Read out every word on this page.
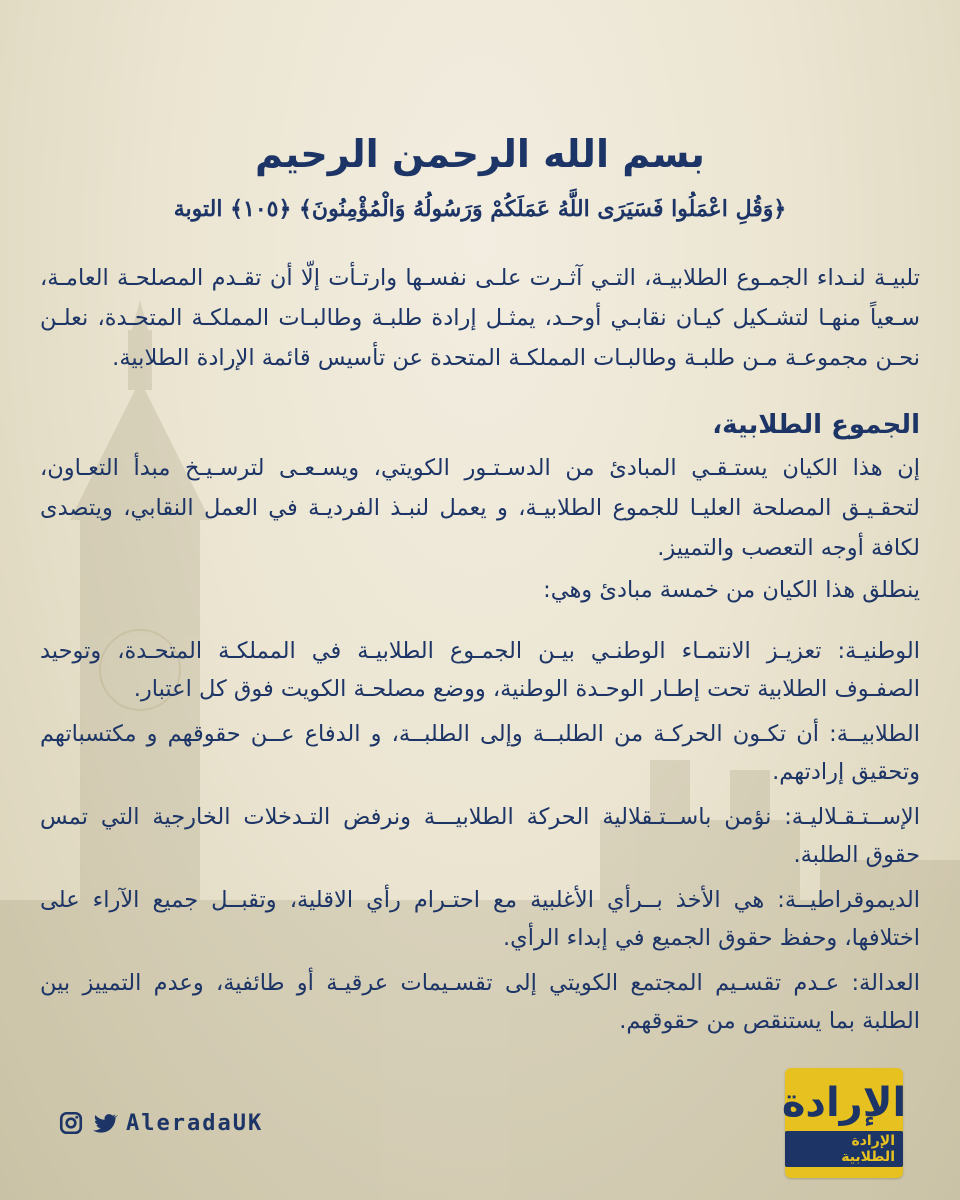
بسم الله الرحمن الرحيم
﴿وَقُلِ اعْمَلُوا فَسَيَرَى اللَّهُ عَمَلَكُمْ وَرَسُولُهُ وَالْمُؤْمِنُونَ﴾ ﴿١٠٥﴾ التوبة
تلبيـة لنـداء الجمـوع الطلابيـة، التـي آثـرت علـى نفسـها وارتـأت إلّا أن تقـدم المصلحـة العامـة، سـعياً منهـا لتشـكيل كيـان نقابـي أوحـد، يمثـل إرادة طلبـة وطالبـات المملكـة المتحـدة، نعلـن نحـن مجموعـة مـن طلبـة وطالبـات المملكـة المتحدة عن تأسيس قائمة الإرادة الطلابية.
الجموع الطلابية،
إن هذا الكيان يستـقـي المبادئ من الدسـتـور الكويتي، ويسـعـى لترسـيـخ مبدأ التعـاون، لتحقـيـق المصلحة العليـا للجموع الطلابيـة، و يعمل لنبـذ الفرديـة في العمل النقابي، ويتصدى لكافة أوجه التعصب والتمييز.
ينطلق هذا الكيان من خمسة مبادئ وهي:

الوطنيـة: تعزيـز الانتمـاء الوطنـي بيـن الجمـوع الطلابيـة في المملكـة المتحـدة، وتوحيد الصفـوف الطلابية تحت إطـار الوحـدة الوطنية، ووضع مصلحـة الكويت فوق كل اعتبار.

الطلابيــة: أن تكـون الحركـة من الطلبــة وإلى الطلبــة، و الدفاع عــن حقوقهم و مكتسباتهم وتحقيق إرادتهم.

الإســتـقـلاليـة: نؤمن باســتـقلالية الحركة الطلابيـــة ونرفض التـدخلات الخارجية التي تمس حقوق الطلبة.

الديموقراطيــة: هي الأخذ بــرأي الأغلبية مع احتـرام رأي الاقلية، وتقبــل جميع الآراء على اختلافها، وحفظ حقوق الجميع في إبداء الرأي.

العدالة: عـدم تقسـيم المجتمع الكويتي إلى تقسـيمات عرقيـة أو طائفية، وعدم التمييز بين الطلبة بما يستنقص من حقوقهم.

AleradaUK	الإرادة
الإرادة الطلابية
